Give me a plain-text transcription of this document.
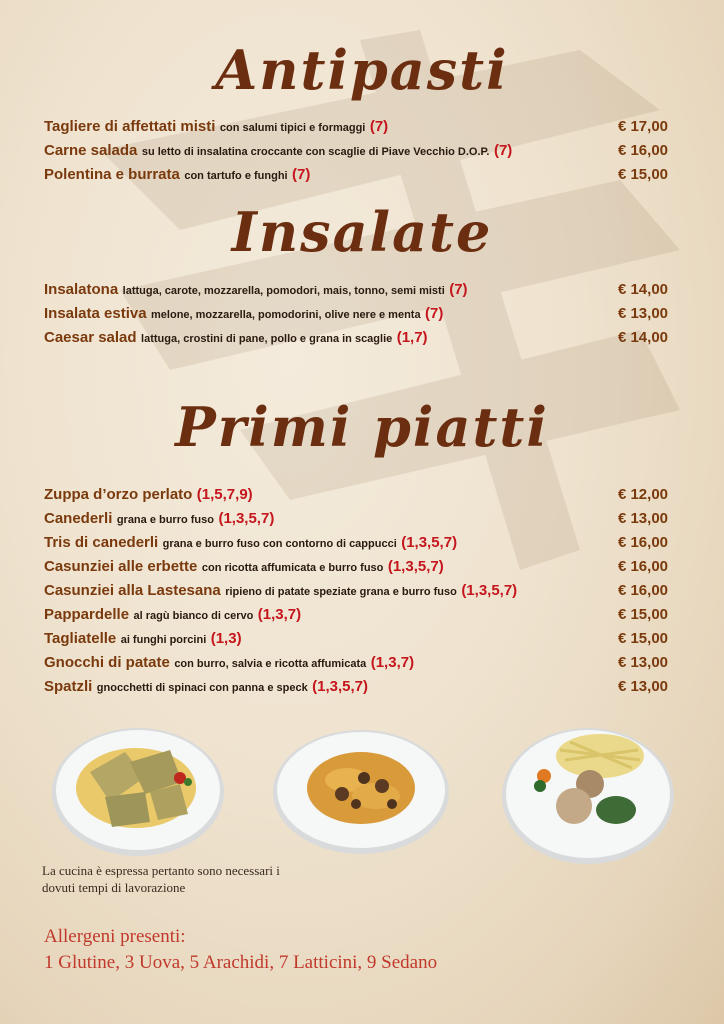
Antipasti
Tagliere di affettati misti con salumi tipici e formaggi (7)	€ 17,00
Carne salada su letto di insalatina croccante con scaglie di Piave Vecchio D.O.P. (7)	€ 16,00
Polentina e burrata con tartufo e funghi (7)	€ 15,00
Insalate
Insalatona lattuga, carote, mozzarella, pomodori, mais, tonno, semi misti (7)	€ 14,00
Insalata estiva melone, mozzarella, pomodorini, olive nere e menta (7)	€ 13,00
Caesar salad lattuga, crostini di pane, pollo e grana in scaglie (1,7)	€ 14,00
Primi piatti
Zuppa d’orzo perlato (1,5,7,9)	€ 12,00
Canederli grana e burro fuso (1,3,5,7)	€ 13,00
Tris di canederli grana e burro fuso con contorno di cappucci (1,3,5,7)	€ 16,00
Casunziei alle erbette con ricotta affumicata e burro fuso (1,3,5,7)	€ 16,00
Casunziei alla Lastesana ripieno di patate speziate grana e burro fuso (1,3,5,7)	€ 16,00
Pappardelle al ragù bianco di cervo (1,3,7)	€ 15,00
Tagliatelle ai funghi porcini (1,3)	€ 15,00
Gnocchi di patate con burro, salvia e ricotta affumicata (1,3,7)	€ 13,00
Spatzli gnocchetti di spinaci con panna e speck (1,3,5,7)	€ 13,00
La cucina è espressa pertanto sono necessari i dovuti tempi di lavorazione
Allergeni presenti:
1 Glutine, 3 Uova, 5 Arachidi, 7 Latticini, 9 Sedano
